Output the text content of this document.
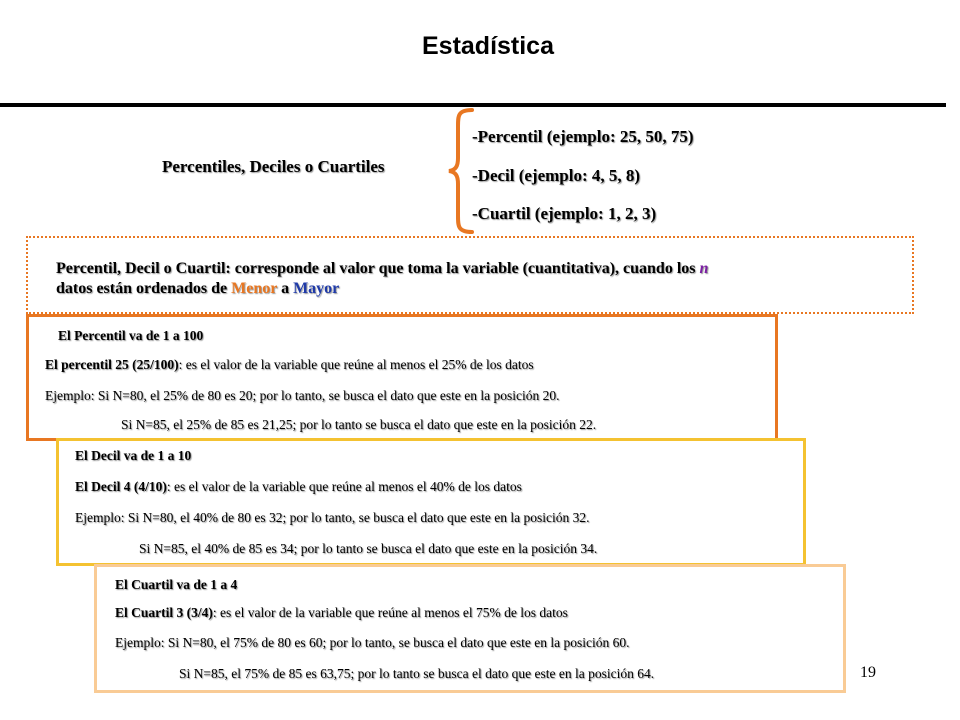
Estadística
Percentiles, Deciles o Cuartiles
-Percentil (ejemplo: 25, 50, 75)
-Decil (ejemplo: 4, 5, 8)
-Cuartil (ejemplo: 1, 2, 3)
Percentil, Decil o Cuartil: corresponde al valor que toma la variable (cuantitativa), cuando los n
datos están ordenados de Menor a Mayor
El Percentil va de 1 a 100
El percentil 25 (25/100): es el valor de la variable que reúne al menos el 25% de los datos
Ejemplo: Si N=80, el 25% de 80 es 20; por lo tanto, se busca el dato que este en la posición 20.
Si N=85, el 25% de 85 es 21,25; por lo tanto se busca el dato que este en la posición 22.
El Decil va de 1 a 10
El Decil 4 (4/10): es el valor de la variable que reúne al menos el 40% de los datos
Ejemplo: Si N=80, el 40% de 80 es 32; por lo tanto, se busca el dato que este en la posición 32.
Si N=85, el 40% de 85 es 34; por lo tanto se busca el dato que este en la posición 34.
El Cuartil va de 1 a 4
El Cuartil 3 (3/4): es el valor de la variable que reúne al menos el 75% de los datos
Ejemplo: Si N=80, el 75% de 80 es 60; por lo tanto, se busca el dato que este en la posición 60.
Si N=85, el 75% de 85 es 63,75; por lo tanto se busca el dato que este en la posición 64.	19
